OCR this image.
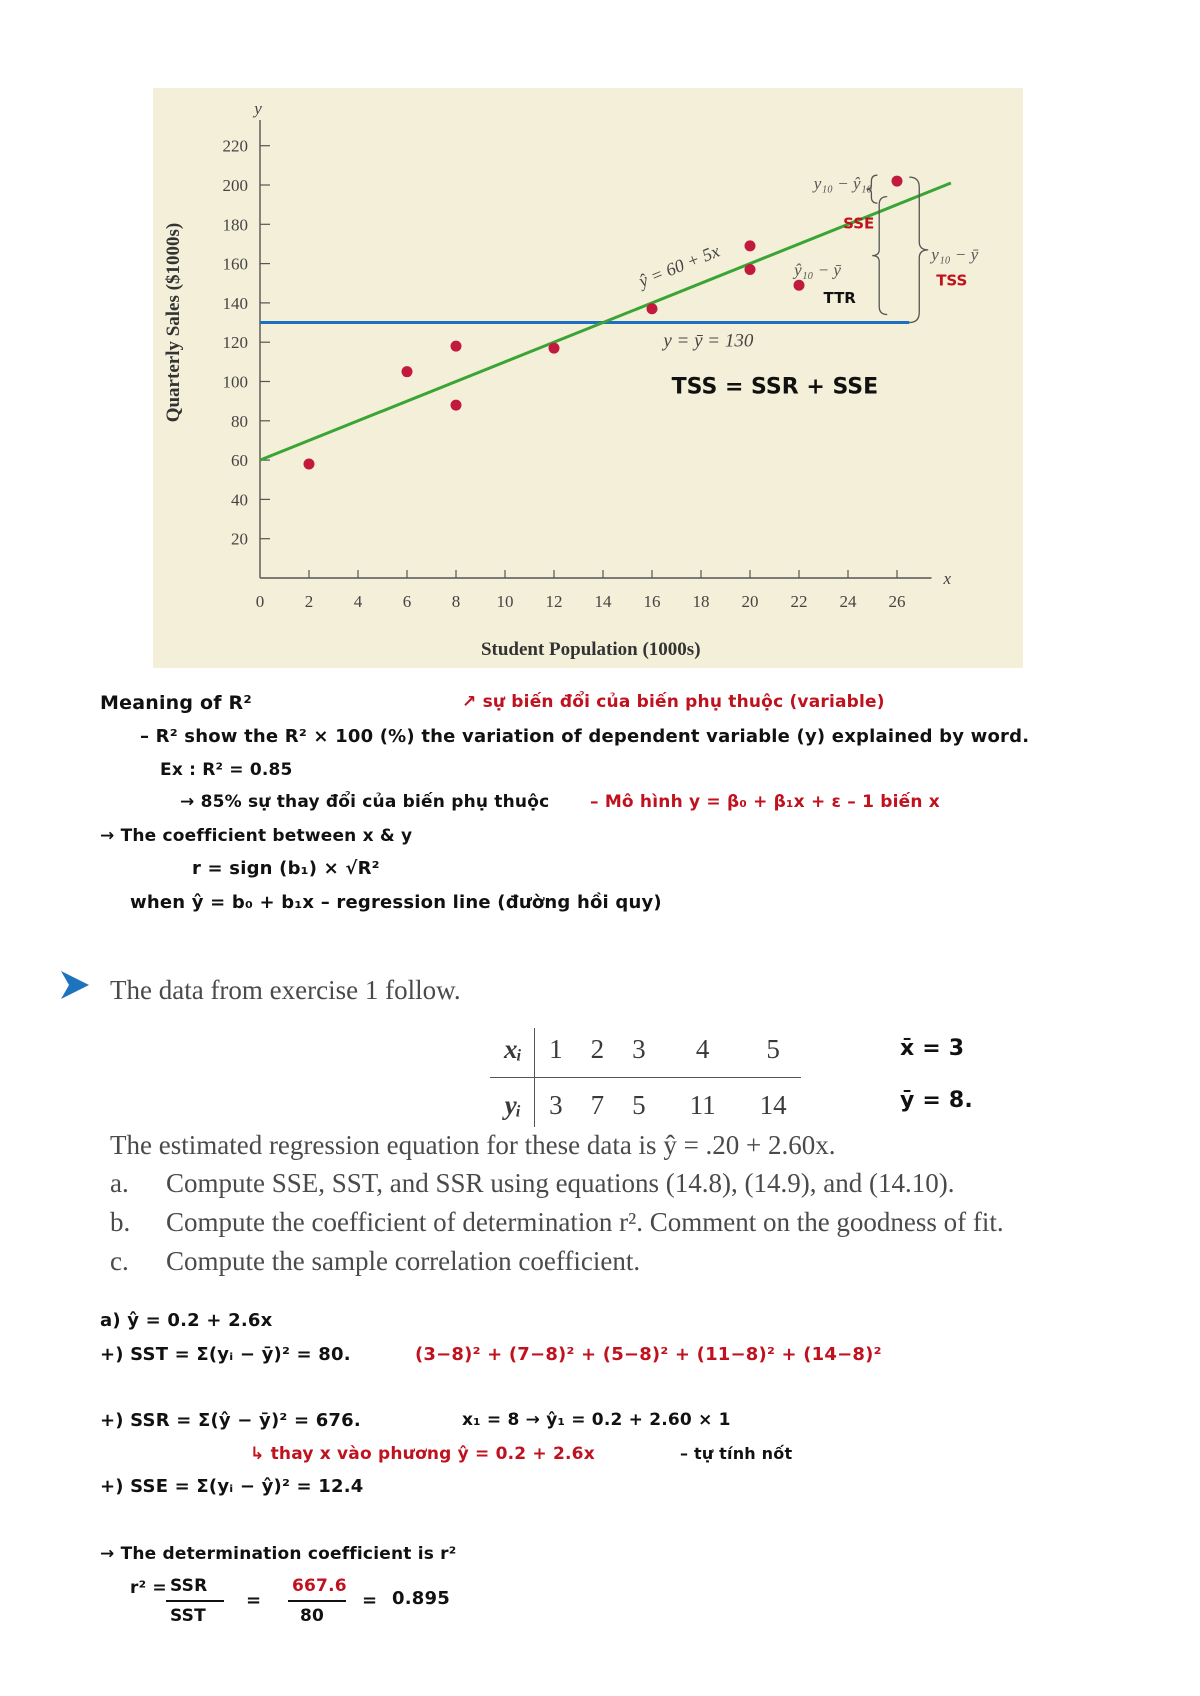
y
x
20
40
60
80
100
120
140
160
180
200
220
0 2 4 6 8 10 12 14 16 18 20 22 24 26
Student Population (1000s)
Quarterly Sales ($1000s)	y = ȳ = 130
ŷ = 60 + 5x
y₁₀ − ŷ₁₀
SSE
ŷ₁₀ − ȳ
TTR
y₁₀ − ȳ
TSS
TSS = SSR + SSE
Meaning of R²	↗ sự biến đổi của biến phụ thuộc (variable)
– R² show the R² × 100 (%) the variation of dependent variable (y) explained by word.
Ex : R² = 0.85
→ 85% sự thay đổi của biến phụ thuộc – Mô hình y = β₀ + β₁x + ε – 1 biến x
→ The coefficient between x & y
r = sign (b₁) × √R²
when ŷ = b₀ + b₁x – regression line (đường hồi quy)
The data from exercise 1 follow.
xᵢ	1	2	3	4	5
yᵢ	3	7	5	11	14
x̄ = 3
ȳ = 8.
The estimated regression equation for these data is ŷ = .20 + 2.60x.
a. Compute SSE, SST, and SSR using equations (14.8), (14.9), and (14.10).
b. Compute the coefficient of determination r². Comment on the goodness of fit.
c. Compute the sample correlation coefficient.
a) ŷ = 0.2 + 2.6x
+) SST = Σ(yᵢ − ȳ)² = 80.	(3−8)² + (7−8)² + (5−8)² + (11−8)² + (14−8)²
+) SSR = Σ(ŷ − ȳ)² = 676.	x₁ = 8 → ŷ₁ = 0.2 + 2.60 × 1
↳ thay x vào phương ŷ = 0.2 + 2.6x	– tự tính nốt
+) SSE = Σ(yᵢ − ŷ)² = 12.4
→ The determination coefficient is r²
r² = SSR
SST
=
667.6
80
= 0.895
